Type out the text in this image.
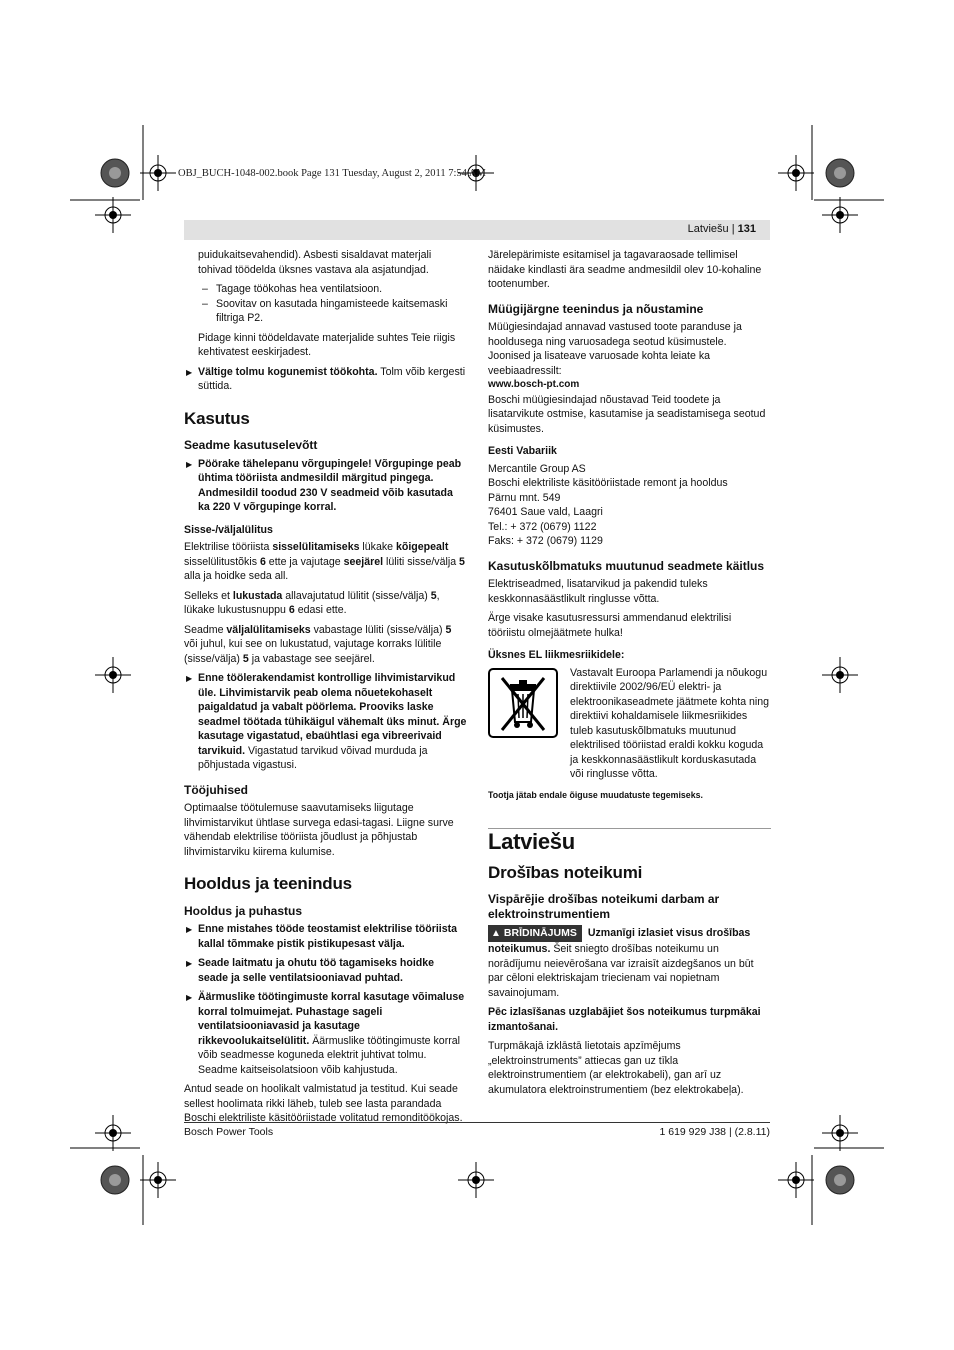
OBJ_BUCH-1048-002.book Page 131 Tuesday, August 2, 2011 7:54 AM
Latviešu | 131

puidukaitsevahendid). Asbesti sisaldavat materjali tohivad töödelda üksnes vastava ala asjatundjad.

– Tagage töökohas hea ventilatsioon.

– Soovitav on kasutada hingamisteede kaitsemaski filtriga P2.

Pidage kinni töödeldavate materjalide suhtes Teie riigis kehtivatest eeskirjadest.

▶ Vältige tolmu kogunemist töökohta. Tolm võib kergesti süttida.

Kasutus

Seadme kasutuselevõtt

▶ Pöörake tähelepanu võrgupingele! Võrgupinge peab ühtima tööriista andmesildil märgitud pingega. Andmesildil toodud 230 V seadmeid võib kasutada ka 220 V võrgupinge korral.

Sisse-/väljalülitus

Elektrilise tööriista sisselülitamiseks lükake kõigepealt sisselülitustõkis 6 ette ja vajutage seejärel lüliti sisse/välja 5 alla ja hoidke seda all.

Selleks et lukustada allavajutatud lülitit (sisse/välja) 5, lükake lukustusnuppu 6 edasi ette.

Seadme väljalülitamiseks vabastage lüliti (sisse/välja) 5 või juhul, kui see on lukustatud, vajutage korraks lülitile (sisse/välja) 5 ja vabastage see seejärel.

▶ Enne töölerakendamist kontrollige lihvimistarvikud üle. Lihvimistarvik peab olema nõuetekohaselt paigaldatud ja vabalt pöörlema. Prooviks laske seadmel töötada tühikäigul vähemalt üks minut. Ärge kasutage vigastatud, ebaühtlasi ega vibreerivaid tarvikuid. Vigastatud tarvikud võivad murduda ja põhjustada vigastusi.

Tööjuhised

Optimaalse töötulemuse saavutamiseks liigutage lihvimistarvikut ühtlase survega edasi-tagasi. Liigne surve vähendab elektrilise tööriista jõudlust ja põhjustab lihvimistarviku kiirema kulumise.

Hooldus ja teenindus

Hooldus ja puhastus

▶ Enne mistahes tööde teostamist elektrilise tööriista kallal tõmmake pistik pistikupesast välja.

▶ Seade laitmatu ja ohutu töö tagamiseks hoidke seade ja selle ventilatsiooniavad puhtad.

▶ Äärmuslike töötingimuste korral kasutage võimaluse korral tolmuimejat. Puhastage sageli ventilatsiooniavasid ja kasutage rikkevoolukaitselülitit. Äärmuslike töötingimuste korral võib seadmesse koguneda elektrit juhtivat tolmu. Seadme kaitseisolatsioon võib kahjustuda.

Antud seade on hoolikalt valmistatud ja testitud. Kui seade sellest hoolimata rikki läheb, tuleb see lasta parandada Boschi elektriliste käsitööriistade volitatud remonditöökojas.

Järelepärimiste esitamisel ja tagavaraosade tellimisel näidake kindlasti ära seadme andmesildil olev 10-kohaline tootenumber.

Müügijärgne teenindus ja nõustamine

Müügiesindajad annavad vastused toote paranduse ja hooldusega ning varuosadega seotud küsimustele. Joonised ja lisateave varuosade kohta leiate ka veebiaadressilt:

www.bosch-pt.com

Boschi müügiesindajad nõustavad Teid toodete ja lisatarvikute ostmise, kasutamise ja seadistamisega seotud küsimustes.

Eesti Vabariik

Mercantile Group AS

Boschi elektriliste käsitööriistade remont ja hooldus

Pärnu mnt. 549

76401 Saue vald, Laagri

Tel.: + 372 (0679) 1122

Faks: + 372 (0679) 1129

Kasutuskõlbmatuks muutunud seadmete käitlus

Elektriseadmed, lisatarvikud ja pakendid tuleks keskkonnasäästlikult ringlusse võtta.

Ärge visake kasutusressursi ammendanud elektrilisi tööriistu olmejäätmete hulka!

Üksnes EL liikmesriikidele:

Vastavalt Euroopa Parlamendi ja nõukogu direktiivile 2002/96/EÜ elektri- ja elektroonikaseadmete jäätmete kohta ning direktiivi kohaldamisele liikmesriikides tuleb kasutuskõlbmatuks muutunud elektrilised tööriistad eraldi kokku koguda ja keskkonnasäästlikult korduskasutada või ringlusse võtta.

Tootja jätab endale õiguse muudatuste tegemiseks.

Latviešu

Drošības noteikumi

Vispārējie drošības noteikumi darbam ar elektroinstrumentiem

▲ BRĪDINĀJUMS Uzmanīgi izlasiet visus drošības noteikumus. Šeit sniegto drošības noteikumu un norādījumu neievērošana var izraisīt aizdegšanos un būt par cēloni elektriskajam triecienam vai nopietnam savainojumam.

Pēc izlasīšanas uzglabājiet šos noteikumus turpmākai izmantošanai.

Turpmākajā izklāstā lietotais apzīmējums „elektroinstruments” attiecas gan uz tīkla elektroinstrumentiem (ar elektrokabeli), gan arī uz akumulatora elektroinstrumentiem (bez elektrokabeļa).

Bosch Power Tools	1 619 929 J38 | (2.8.11)
